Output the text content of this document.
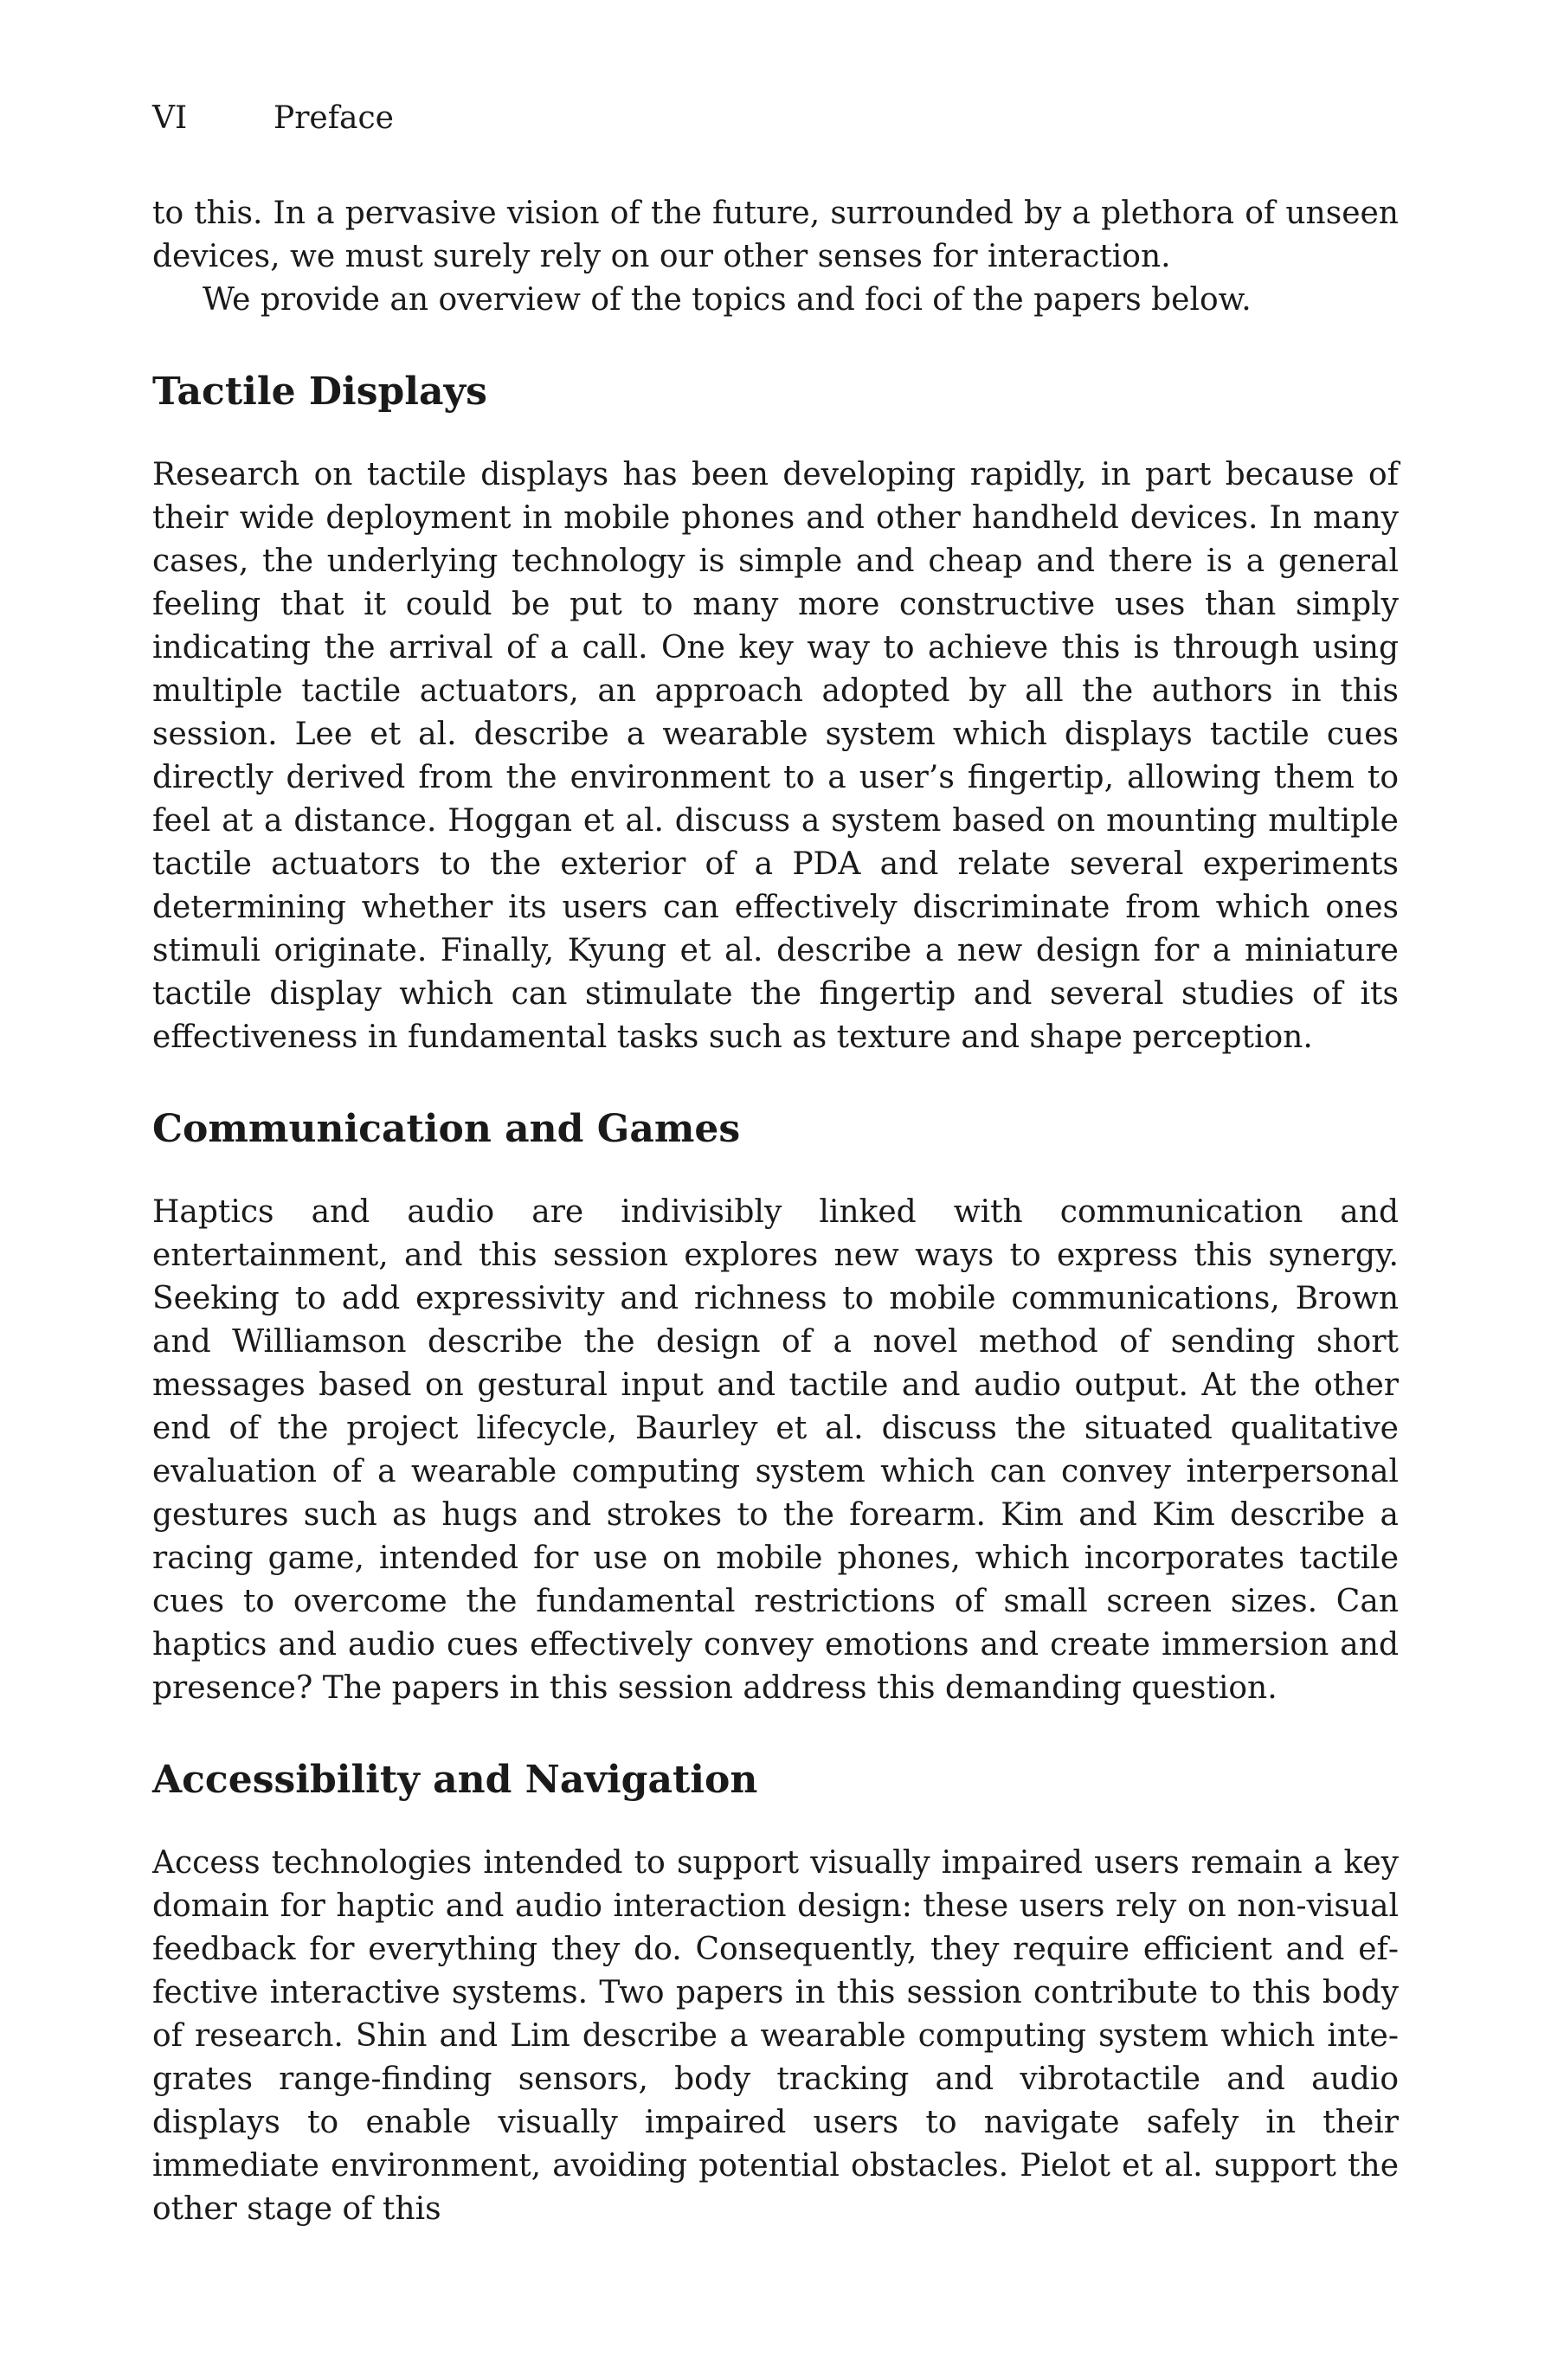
VI	Preface

to this. In a pervasive vision of the future, surrounded by a plethora of unseen devices, we must surely rely on our other senses for interaction.

We provide an overview of the topics and foci of the papers below.

Tactile Displays

Research on tactile displays has been developing rapidly, in part because of their wide deployment in mobile phones and other handheld devices. In many cases, the underlying technology is simple and cheap and there is a general feeling that it could be put to many more constructive uses than simply indicating the arrival of a call. One key way to achieve this is through using multiple tactile actuators, an approach adopted by all the authors in this session. Lee et al. describe a wearable system which displays tactile cues directly derived from the environment to a user’s fingertip, allowing them to feel at a distance. Hoggan et al. discuss a system based on mounting multiple tactile actuators to the exterior of a PDA and relate several experiments determining whether its users can effectively discriminate from which ones stimuli originate. Finally, Kyung et al. describe a new design for a miniature tactile display which can stimulate the fingertip and several studies of its effectiveness in fundamental tasks such as texture and shape perception.

Communication and Games

Haptics and audio are indivisibly linked with communication and entertainment, and this session explores new ways to express this synergy. Seeking to add expressivity and richness to mobile communications, Brown and Williamson describe the design of a novel method of sending short messages based on gestural input and tactile and audio output. At the other end of the project lifecycle, Baurley et al. discuss the situated qualitative evaluation of a wearable computing system which can convey interpersonal gestures such as hugs and strokes to the forearm. Kim and Kim describe a racing game, intended for use on mobile phones, which incorporates tactile cues to overcome the fundamental restrictions of small screen sizes. Can haptics and audio cues effectively convey emotions and create immersion and presence? The papers in this session address this demanding question.

Accessibility and Navigation

Access technologies intended to support visually impaired users remain a key domain for haptic and audio interaction design: these users rely on non-visual feedback for everything they do. Consequently, they require efficient and effective interactive systems. Two papers in this session contribute to this body of research. Shin and Lim describe a wearable computing system which integrates range-finding sensors, body tracking and vibrotactile and audio displays to enable visually impaired users to navigate safely in their immediate environment, avoiding potential obstacles. Pielot et al. support the other stage of this
